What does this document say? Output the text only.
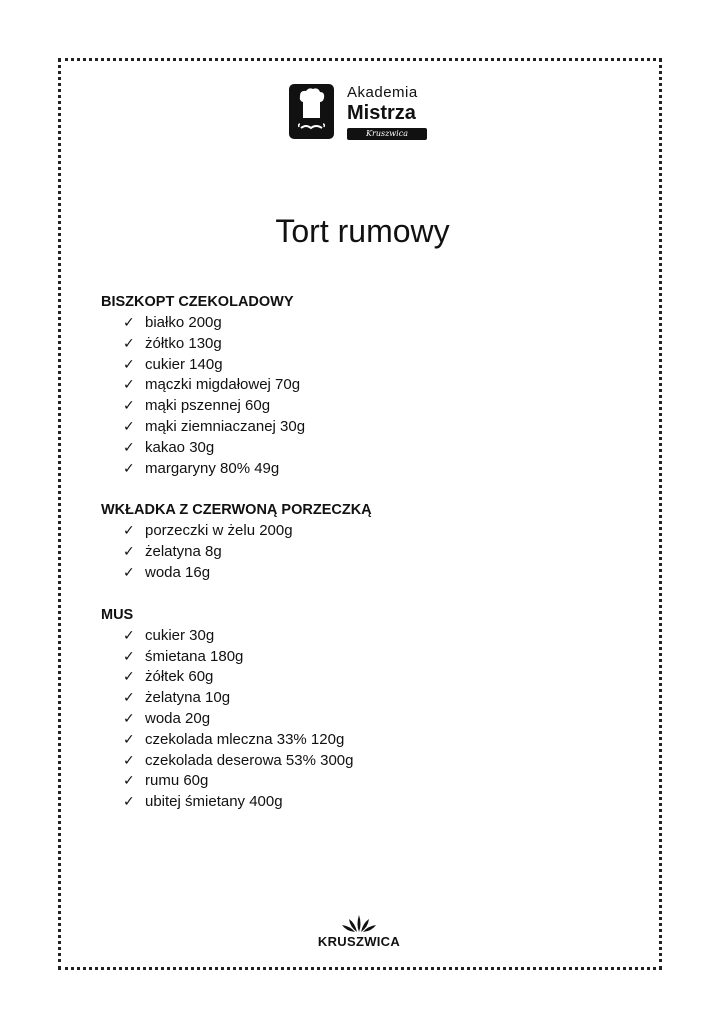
Akademia
Mistrza
Kruszwica inspiruje
Tort rumowy

BISZKOPT CZEKOLADOWY

✓ białko 200g
✓ żółtko 130g
✓ cukier 140g
✓ mączki migdałowej 70g
✓ mąki pszennej 60g
✓ mąki ziemniaczanej 30g
✓ kakao 30g
✓ margaryny 80% 49g

WKŁADKA Z CZERWONĄ PORZECZKĄ

✓ porzeczki w żelu 200g
✓ żelatyna 8g
✓ woda 16g

MUS

✓ cukier 30g
✓ śmietana 180g
✓ żółtek 60g
✓ żelatyna 10g
✓ woda 20g
✓ czekolada mleczna 33% 120g
✓ czekolada deserowa 53% 300g
✓ rumu 60g
✓ ubitej śmietany 400g
KRUSZWICA
